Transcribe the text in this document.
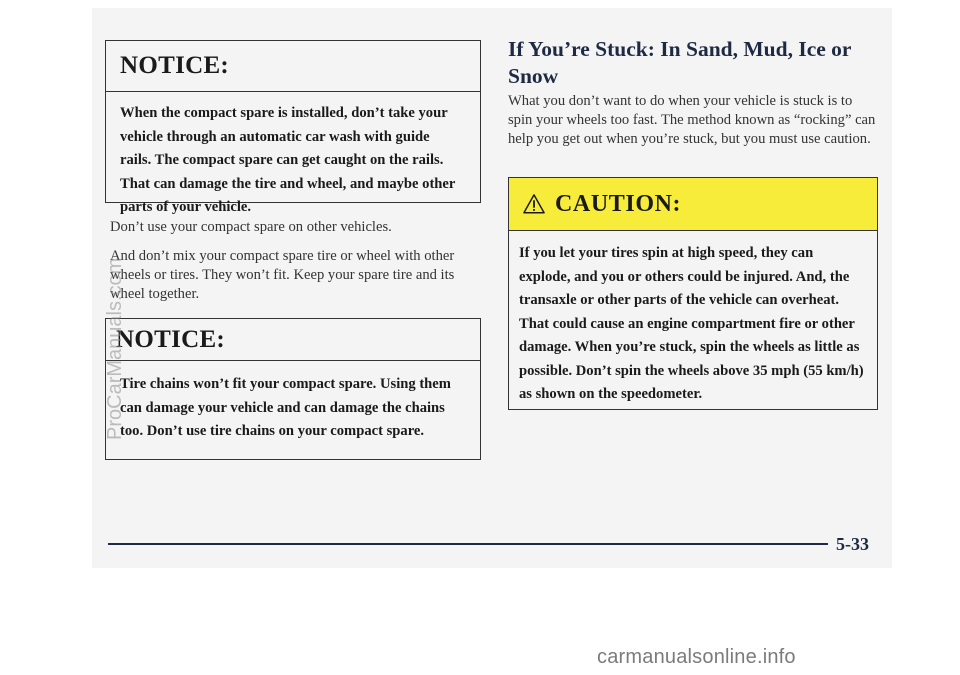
NOTICE:
When the compact spare is installed, don’t take your vehicle through an automatic car wash with guide rails. The compact spare can get caught on the rails. That can damage the tire and wheel, and maybe other parts of your vehicle.

Don’t use your compact spare on other vehicles.

And don’t mix your compact spare tire or wheel with other wheels or tires. They won’t fit. Keep your spare tire and its wheel together.

NOTICE:
Tire chains won’t fit your compact spare. Using them can damage your vehicle and can damage the chains too. Don’t use tire chains on your compact spare.
If You’re Stuck: In Sand, Mud, Ice or Snow

What you don’t want to do when your vehicle is stuck is to spin your wheels too fast. The method known as “rocking” can help you get out when you’re stuck, but you must use caution.

CAUTION:
If you let your tires spin at high speed, they can explode, and you or others could be injured. And, the transaxle or other parts of the vehicle can overheat. That could cause an engine compartment fire or other damage. When you’re stuck, spin the wheels as little as possible. Don’t spin the wheels above 35 mph (55 km/h) as shown on the speedometer.
5-33
ProCarManuals.com
carmanualsonline.info
